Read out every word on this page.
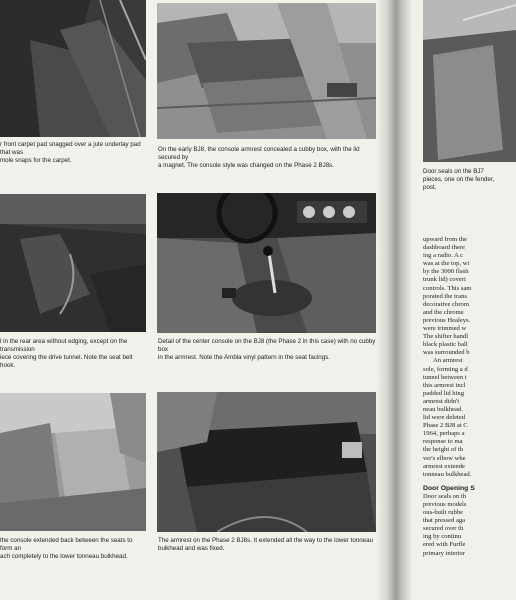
r front carpet pad snagged over a jute underlay pad that was
mole snaps for the carpet.
On the early BJ8, the console armrest concealed a cubby box, with the lid secured by
a magnet. The console style was changed on the Phase 2 BJ8s.
l in the rear area without edging, except on the transmission
iece covering the drive tunnel. Note the seat belt hook.
Detail of the center console on the BJ8 (the Phase 2 in this case) with no cubby box
in the armrest. Note the Ambla vinyl pattern in the seat facings.
the console extended back between the seats to form an
ach completely to the lower tonneau bulkhead.
The armrest on the Phase 2 BJ8s. It extended all the way to the lower tonneau
bulkhead and was fixed.
Door seals on the BJ7
pieces, one on the fender,
post.
upward from the
dashboard there
ing a radio. A c
was at the top, wi
by the 3000 flash
trunk lid) coveri
controls. This sam
porated the trans
decorative chrom
and the chrome
previous Healeys.
were trimmed w
The shifter handl
black plastic ball
was surrounded b
An armrest
sole, forming a d
tunnel between t
this armrest incl
padded lid hing
armrest didn't
neau bulkhead.
lid were deleted
Phase 2 BJ8 at C
1964, perhaps a
response to ma
the height of th
ver's elbow whe
armrest extende
tonneau bulkhead.
Door Opening S
Door seals on th
previous models
ous-built rubbe
that pressed aga
secured over th
ing by continu
ered with Furfle
primary interior
